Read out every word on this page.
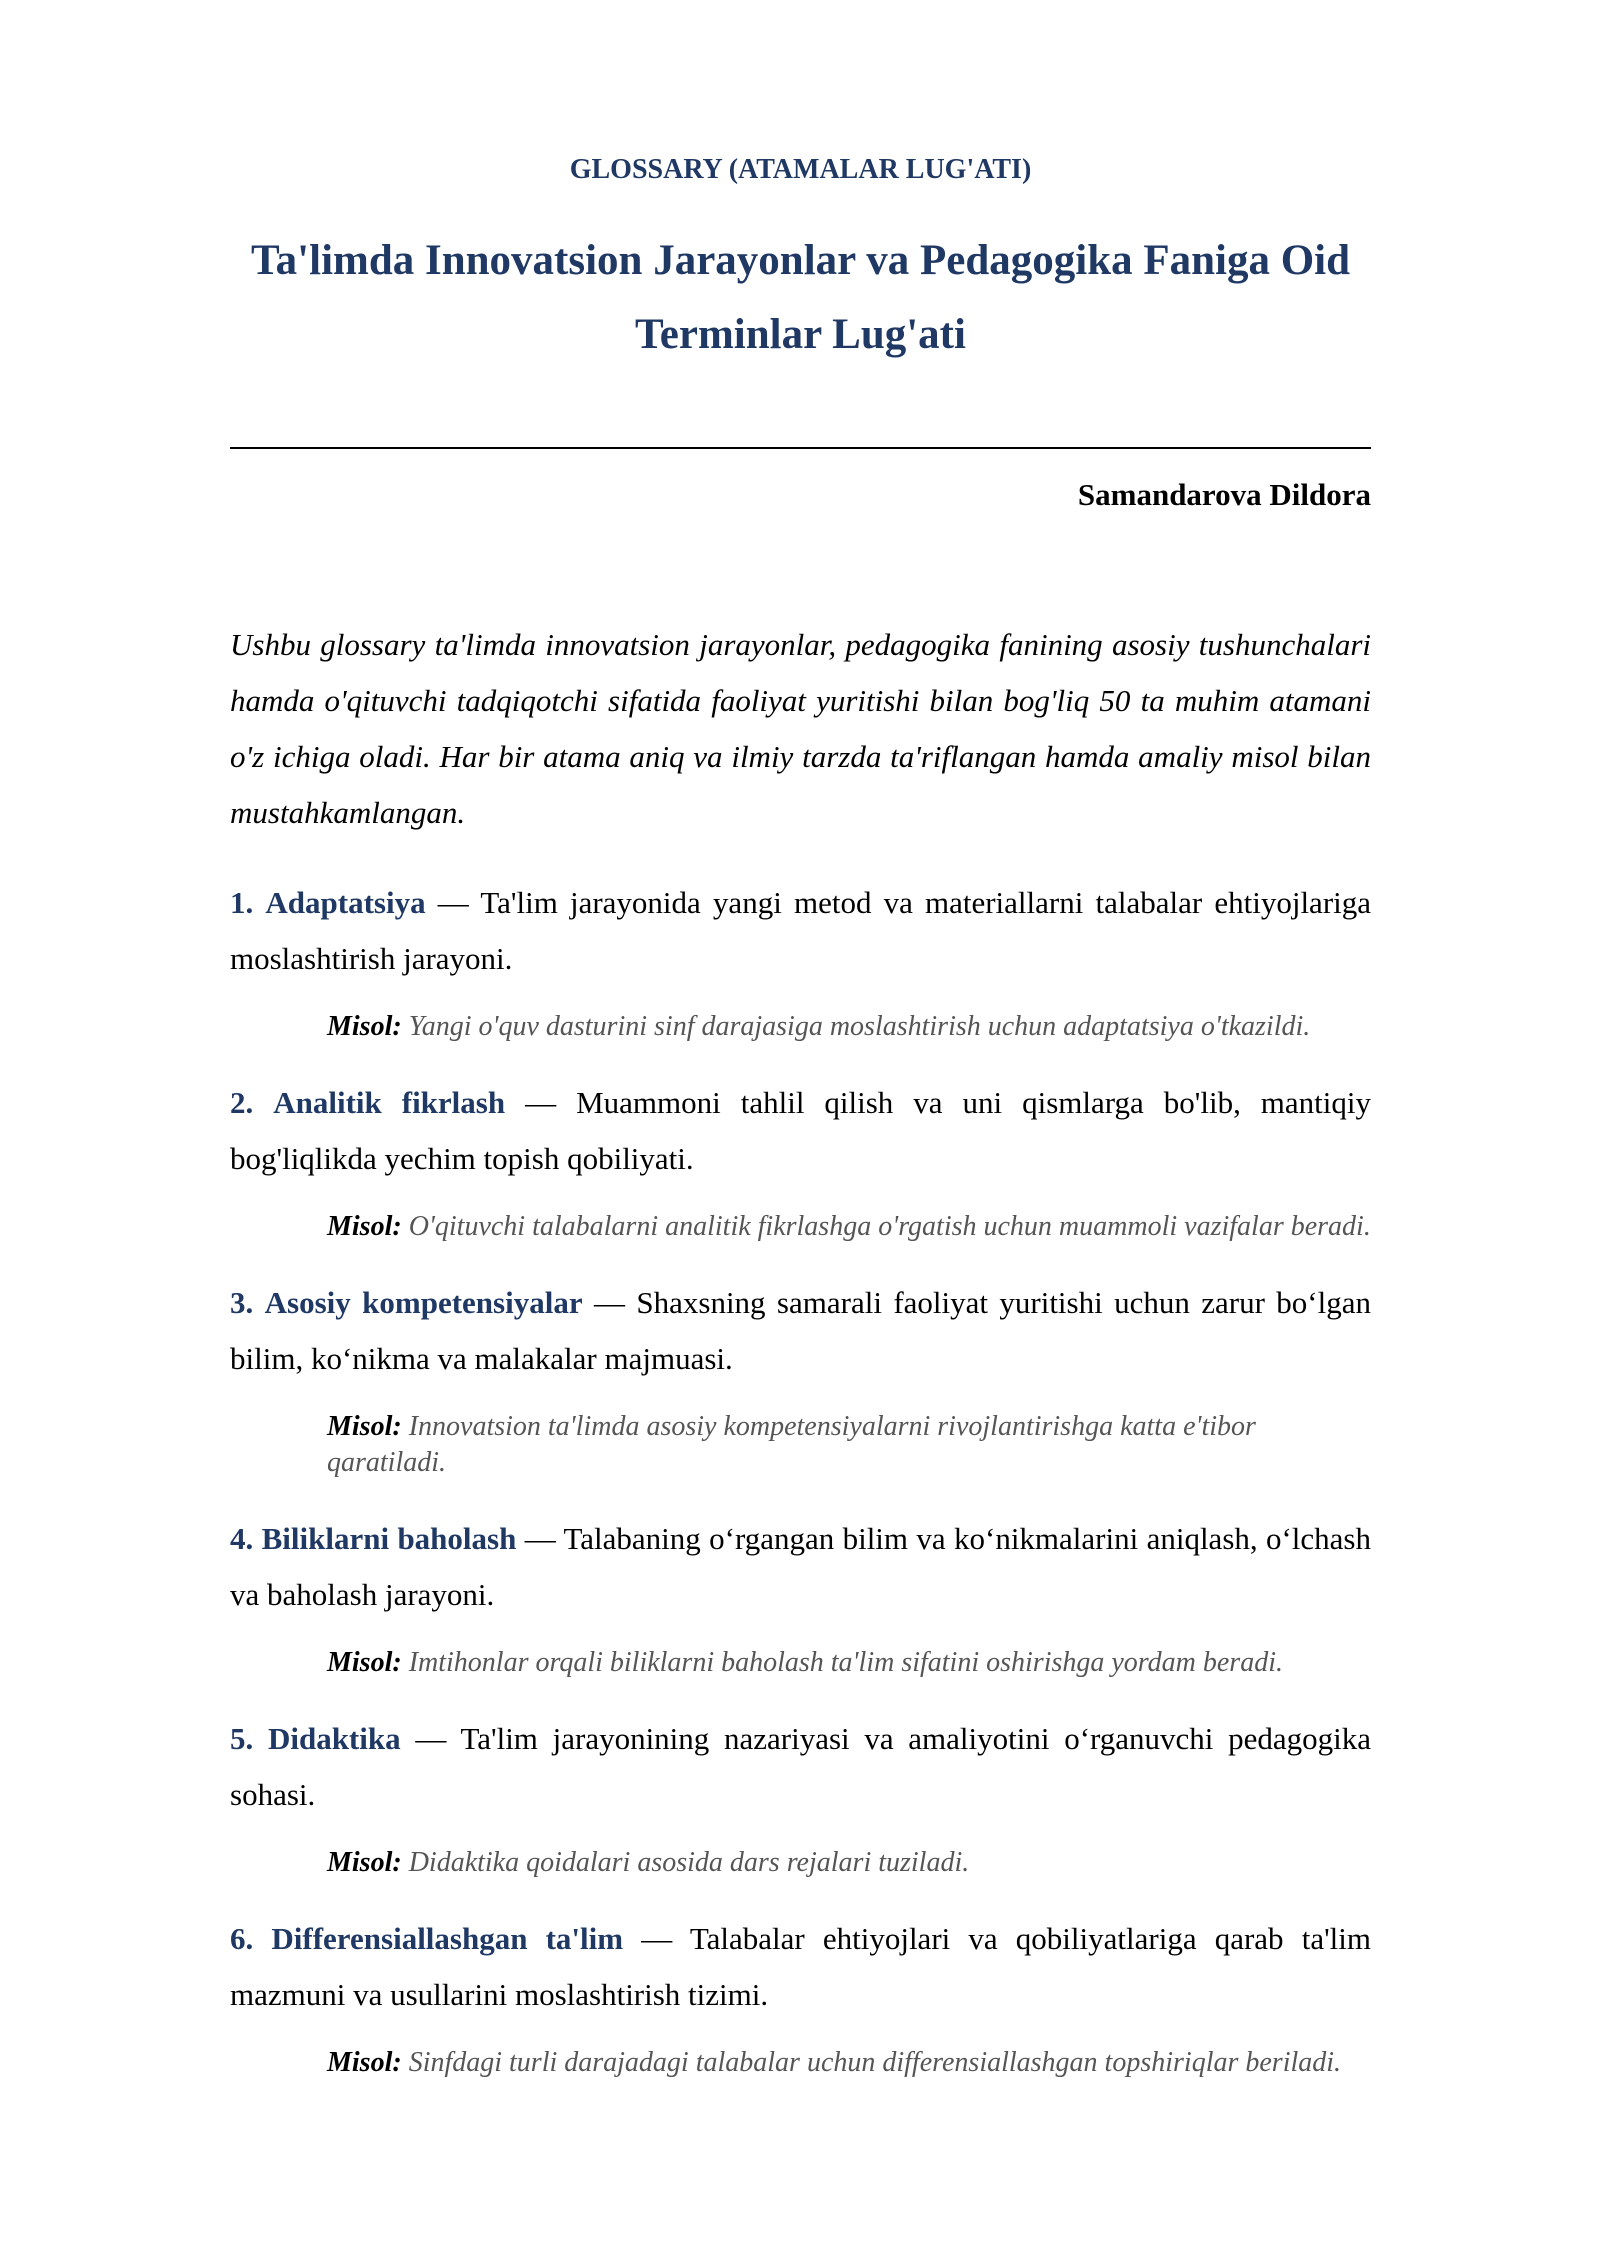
GLOSSARY (ATAMALAR LUG'ATI)

Ta'limda Innovatsion Jarayonlar va Pedagogika Faniga Oid
Terminlar Lug'ati

Samandarova Dildora

Ushbu glossary ta'limda innovatsion jarayonlar, pedagogika fanining asosiy tushunchalari hamda o'qituvchi tadqiqotchi sifatida faoliyat yuritishi bilan bog'liq 50 ta muhim atamani o'z ichiga oladi. Har bir atama aniq va ilmiy tarzda ta'riflangan hamda amaliy misol bilan mustahkamlangan.

1. Adaptatsiya — Ta'lim jarayonida yangi metod va materiallarni talabalar ehtiyojlariga moslashtirish jarayoni.

Misol: Yangi o'quv dasturini sinf darajasiga moslashtirish uchun adaptatsiya o'tkazildi.

2. Analitik fikrlash — Muammoni tahlil qilish va uni qismlarga bo'lib, mantiqiy bog'liqlikda yechim topish qobiliyati.

Misol: O'qituvchi talabalarni analitik fikrlashga o'rgatish uchun muammoli vazifalar beradi.

3. Asosiy kompetensiyalar — Shaxsning samarali faoliyat yuritishi uchun zarur bo‘lgan bilim, ko‘nikma va malakalar majmuasi.

Misol: Innovatsion ta'limda asosiy kompetensiyalarni rivojlantirishga katta e'tibor qaratiladi.

4. Biliklarni baholash — Talabaning o‘rgangan bilim va ko‘nikmalarini aniqlash, o‘lchash va baholash jarayoni.

Misol: Imtihonlar orqali biliklarni baholash ta'lim sifatini oshirishga yordam beradi.

5. Didaktika — Ta'lim jarayonining nazariyasi va amaliyotini o‘rganuvchi pedagogika sohasi.

Misol: Didaktika qoidalari asosida dars rejalari tuziladi.

6. Differensiallashgan ta'lim — Talabalar ehtiyojlari va qobiliyatlariga qarab ta'lim mazmuni va usullarini moslashtirish tizimi.

Misol: Sinfdagi turli darajadagi talabalar uchun differensiallashgan topshiriqlar beriladi.
